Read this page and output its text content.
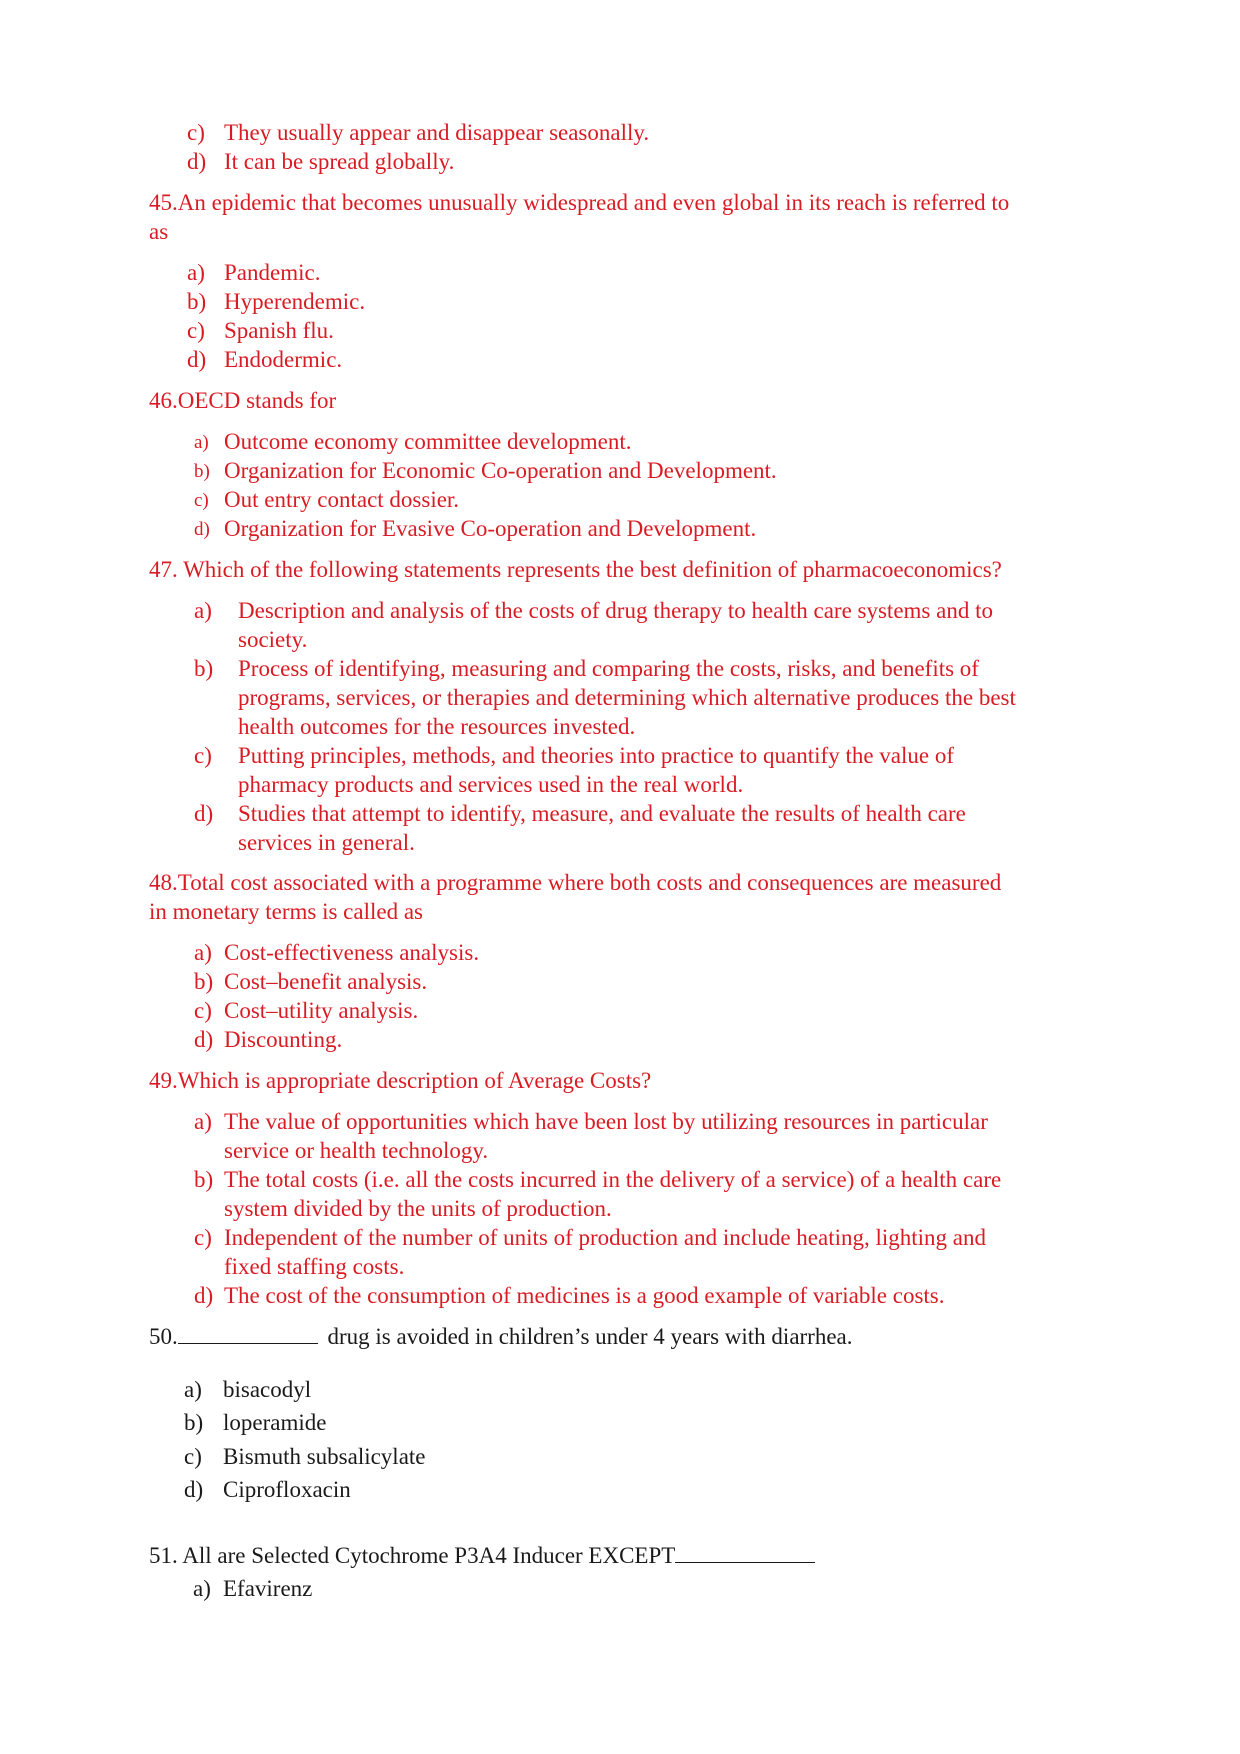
c) They usually appear and disappear seasonally.
d) It can be spread globally.
45.An epidemic that becomes unusually widespread and even global in its reach is referred to
as
a) Pandemic.
b) Hyperendemic.
c) Spanish flu.
d) Endodermic.
46.OECD stands for
a) Outcome economy committee development.
b) Organization for Economic Co-operation and Development.
c) Out entry contact dossier.
d) Organization for Evasive Co-operation and Development.
47. Which of the following statements represents the best definition of pharmacoeconomics?
a) Description and analysis of the costs of drug therapy to health care systems and to
society.
b) Process of identifying, measuring and comparing the costs, risks, and benefits of
programs, services, or therapies and determining which alternative produces the best
health outcomes for the resources invested.
c) Putting principles, methods, and theories into practice to quantify the value of
pharmacy products and services used in the real world.
d) Studies that attempt to identify, measure, and evaluate the results of health care
services in general.
48.Total cost associated with a programme where both costs and consequences are measured
in monetary terms is called as
a) Cost-effectiveness analysis.
b) Cost–benefit analysis.
c) Cost–utility analysis.
d) Discounting.
49.Which is appropriate description of Average Costs?
a) The value of opportunities which have been lost by utilizing resources in particular
service or health technology.
b) The total costs (i.e. all the costs incurred in the delivery of a service) of a health care
system divided by the units of production.
c) Independent of the number of units of production and include heating, lighting and
fixed staffing costs.
d) The cost of the consumption of medicines is a good example of variable costs.
50.	drug is avoided in children’s under 4 years with diarrhea.
a) bisacodyl
b) loperamide
c) Bismuth subsalicylate
d) Ciprofloxacin
51. All are Selected Cytochrome P3A4 Inducer EXCEPT
a) Efavirenz
